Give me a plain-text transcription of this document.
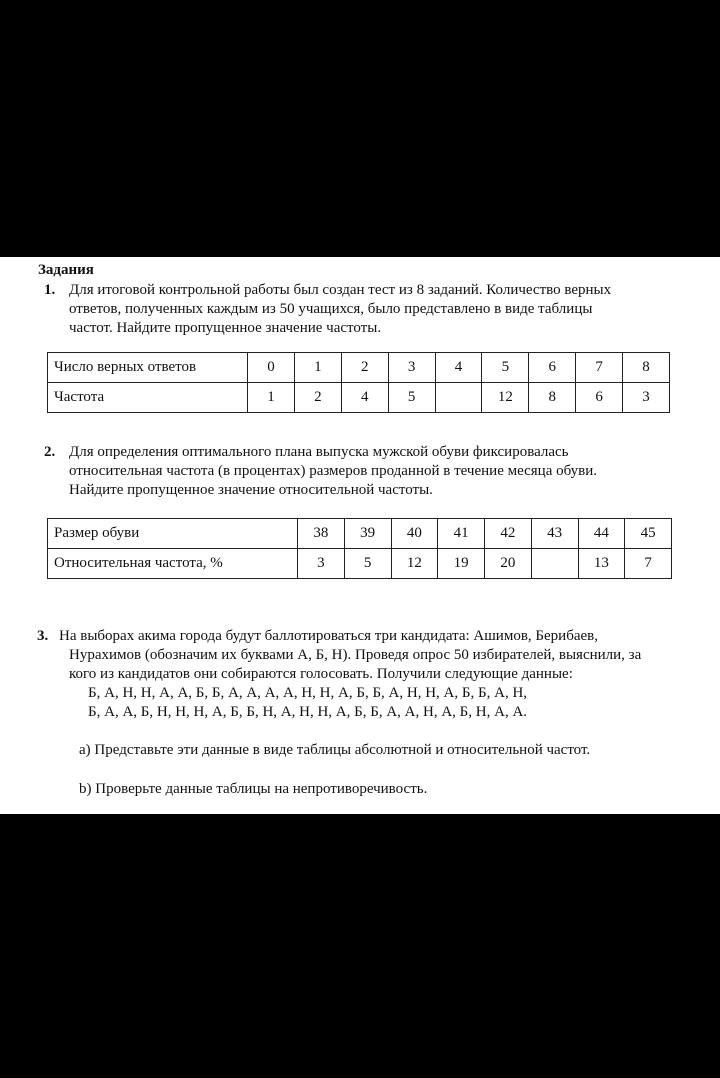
Задания
1. Для итоговой контрольной работы был создан тест из 8 заданий. Количество верных
ответов, полученных каждым из 50 учащихся, было представлено в виде таблицы
частот. Найдите пропущенное значение частоты.
Число верных ответов	0	1	2	3	4	5	6	7	8
Частота	1	2	4	5		12	8	6	3
2. Для определения оптимального плана выпуска мужской обуви фиксировалась
относительная частота (в процентах) размеров проданной в течение месяца обуви.
Найдите пропущенное значение относительной частоты.
Размер обуви	38	39	40	41	42	43	44	45
Относительная частота, %	3	5	12	19	20		13	7
3. На выборах акима города будут баллотироваться три кандидата: Ашимов, Берибаев,
Нурахимов (обозначим их буквами А, Б, Н). Проведя опрос 50 избирателей, выяснили, за
кого из кандидатов они собираются голосовать. Получили следующие данные:
Б, А, Н, Н, А, А, Б, Б, А, А, А, А, Н, Н, А, Б, Б, А, Н, Н, А, Б, Б, А, Н,
Б, А, А, Б, Н, Н, Н, А, Б, Б, Н, А, Н, Н, А, Б, Б, А, А, Н, А, Б, Н, А, А.
a) Представьте эти данные в виде таблицы абсолютной и относительной частот.
b) Проверьте данные таблицы на непротиворечивость.
